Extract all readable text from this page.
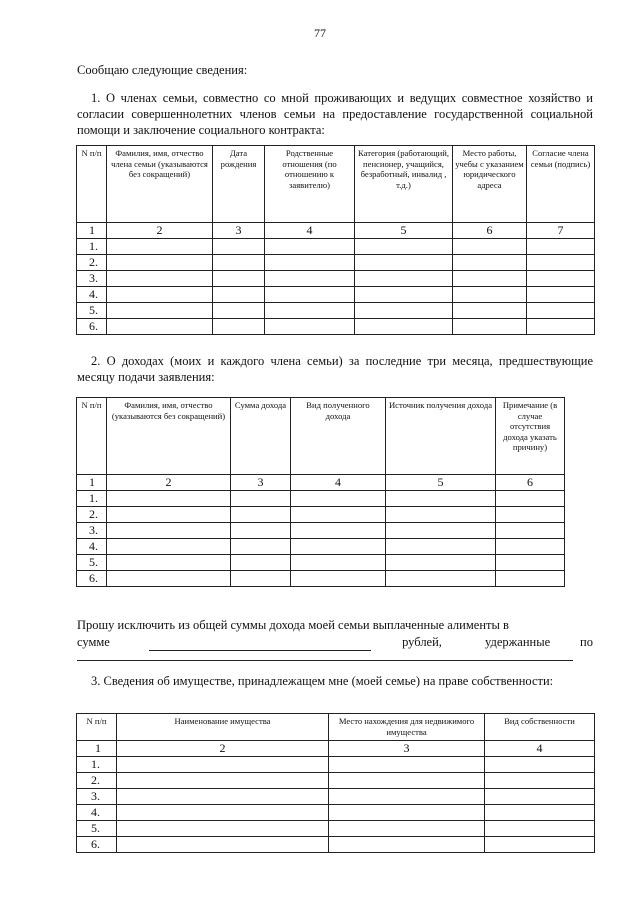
77
Сообщаю следующие сведения:
1. О членах семьи, совместно со мной проживающих и ведущих совместное хозяйство и согласии совершеннолетних членов семьи на предоставление государственной социальной помощи и заключение социального контракта:
N п/п	Фамилия, имя, отчество члена семьи (указываются без сокращений)	Дата рождения	Родственные отношения (по отношению к заявителю)	Категория (работающий, пенсионер, учащийся, безработный, инвалид , т.д.)	Место работы, учебы с указанием юридического адреса	Согласие члена семьи (подпись)
1	2	3	4	5	6	7
1.						
2.						
3.						
4.						
5.						
6.						
2. О доходах (моих и каждого члена семьи) за последние три месяца, предшествующие месяцу подачи заявления:
N п/п	Фамилия, имя, отчество (указываются без сокращений)	Сумма дохода	Вид полученного дохода	Источник получения дохода	Примечание (в случае отсутствия дохода указать причину)
1	2	3	4	5	6
1.					
2.					
3.					
4.					
5.					
6.					
Прошу исключить из общей суммы дохода моей семьи выплаченные алименты в
сумме	рублей,	удержанные по
3. Сведения об имуществе, принадлежащем мне (моей семье) на праве собственности:
N п/п	Наименование имущества	Место нахождения для недвижимого имущества	Вид собственности
1	2	3	4
1.			
2.			
3.			
4.			
5.			
6.			
